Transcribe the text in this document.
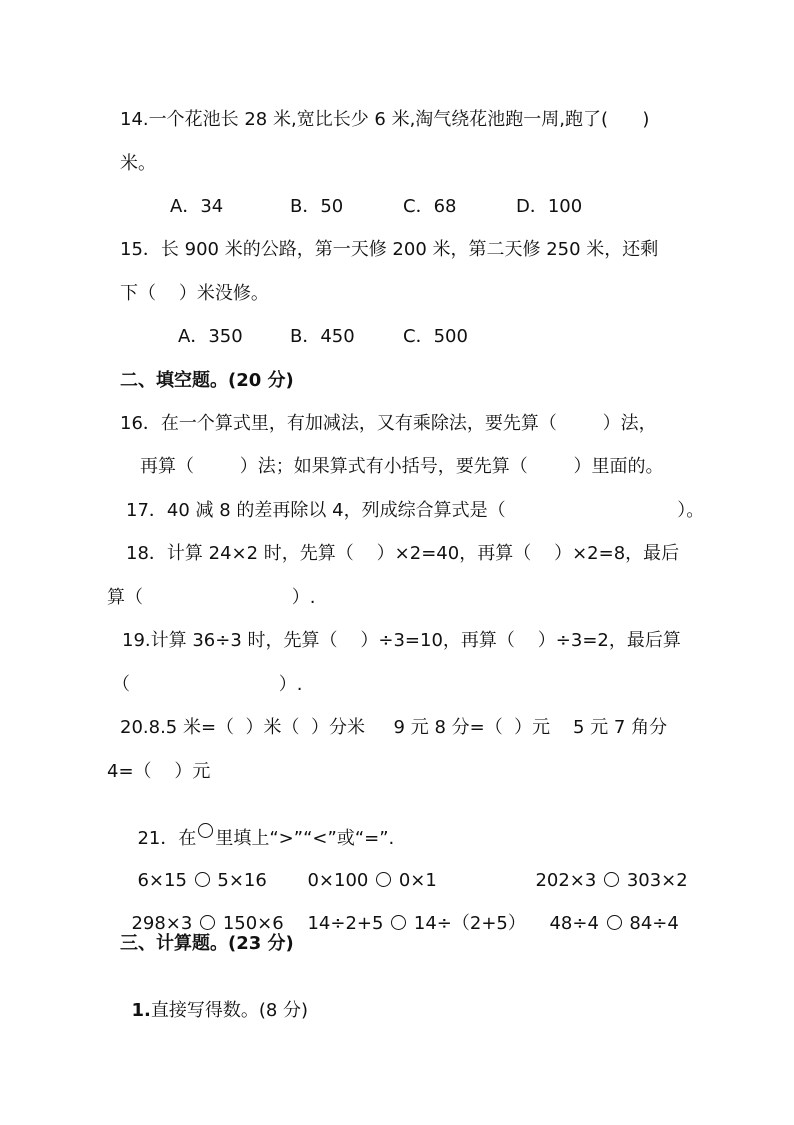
14.一个花池长 28 米,宽比长少 6 米,淘气绕花池跑一周,跑了(      )
米。
A．34	B．50	C．68	D．100
15．长 900 米的公路，第一天修 200 米，第二天修 250 米，还剩
下（    ）米没修。
A．350	B．450	C．500
二、填空题。(20 分)
16．在一个算式里，有加减法，又有乘除法，要先算（        ）法，
再算（        ）法；如果算式有小括号，要先算（        ）里面的。
17．40 减 8 的差再除以 4，列成综合算式是（                              ）。
18．计算 24×2 时，先算（    ）×2=40，再算（    ）×2=8，最后
算（                          ）.
19.计算 36÷3 时，先算（    ）÷3=10，再算（    ）÷3=2，最后算
（                          ）.
20.8.5 米=（  ）米（  ）分米     9 元 8 分=（  ）元    5 元 7 角分
4=（    ）元

21．在 里填上“>”“<”或“=”.

6×15 5×16	0×100 0×1	202×3 303×2

298×3 150×6	14÷2+5 14÷（2+5）	48÷4 84÷4

三、计算题。(23 分)

1.直接写得数。(8 分)
